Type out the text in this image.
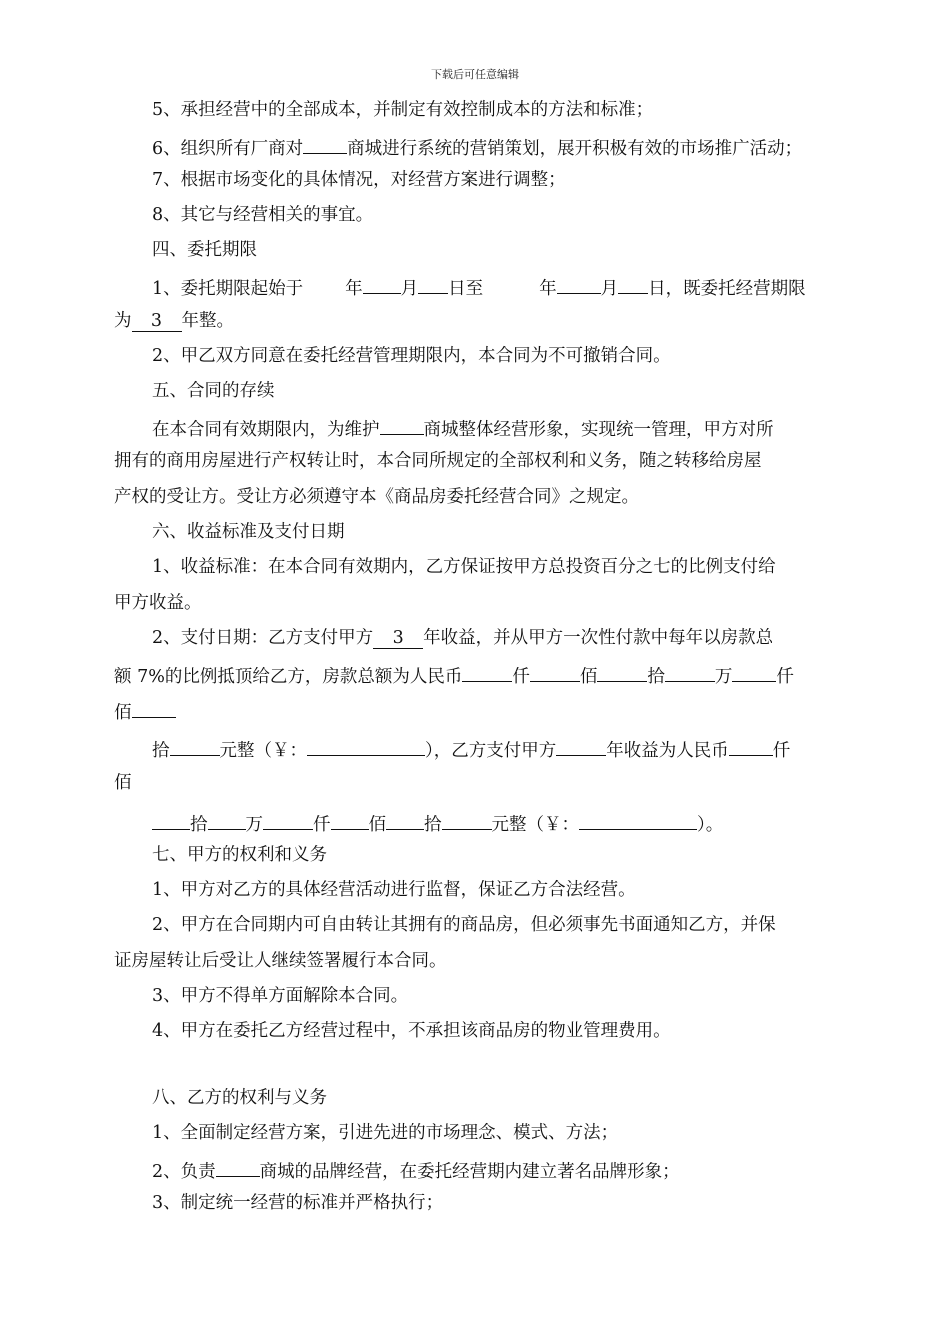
下载后可任意编辑
5、承担经营中的全部成本，并制定有效控制成本的方法和标准；
6、组织所有厂商对	商城进行系统的营销策划，展开积极有效的市场推广活动；
7、根据市场变化的具体情况，对经营方案进行调整；
8、其它与经营相关的事宜。
四、委托期限
1、委托期限起始于 年 月 日至	年	月 日，既委托经营期限
为 3 年整。
2、甲乙双方同意在委托经营管理期限内，本合同为不可撤销合同。
五、合同的存续
在本合同有效期限内，为维护	商城整体经营形象，实现统一管理，甲方对所
拥有的商用房屋进行产权转让时，本合同所规定的全部权利和义务，随之转移给房屋
产权的受让方。受让方必须遵守本《商品房委托经营合同》之规定。
六、收益标准及支付日期
1、收益标准：在本合同有效期内，乙方保证按甲方总投资百分之七的比例支付给
甲方收益。
2、支付日期：乙方支付甲方 3 年收益，并从甲方一次性付款中每年以房款总
额 7%的比例抵顶给乙方，房款总额为人民币	仟	佰	拾	万	仟
佰
拾	元整（￥：	），乙方支付甲方	年收益为人民币	仟
佰
拾 万	仟 佰 拾	元整（￥：	）。
七、甲方的权利和义务
1、甲方对乙方的具体经营活动进行监督，保证乙方合法经营。
2、甲方在合同期内可自由转让其拥有的商品房，但必须事先书面通知乙方，并保
证房屋转让后受让人继续签署履行本合同。
3、甲方不得单方面解除本合同。
4、甲方在委托乙方经营过程中，不承担该商品房的物业管理费用。
八、乙方的权利与义务
1、全面制定经营方案，引进先进的市场理念、模式、方法；
2、负责	商城的品牌经营，在委托经营期内建立著名品牌形象；
3、制定统一经营的标准并严格执行；
